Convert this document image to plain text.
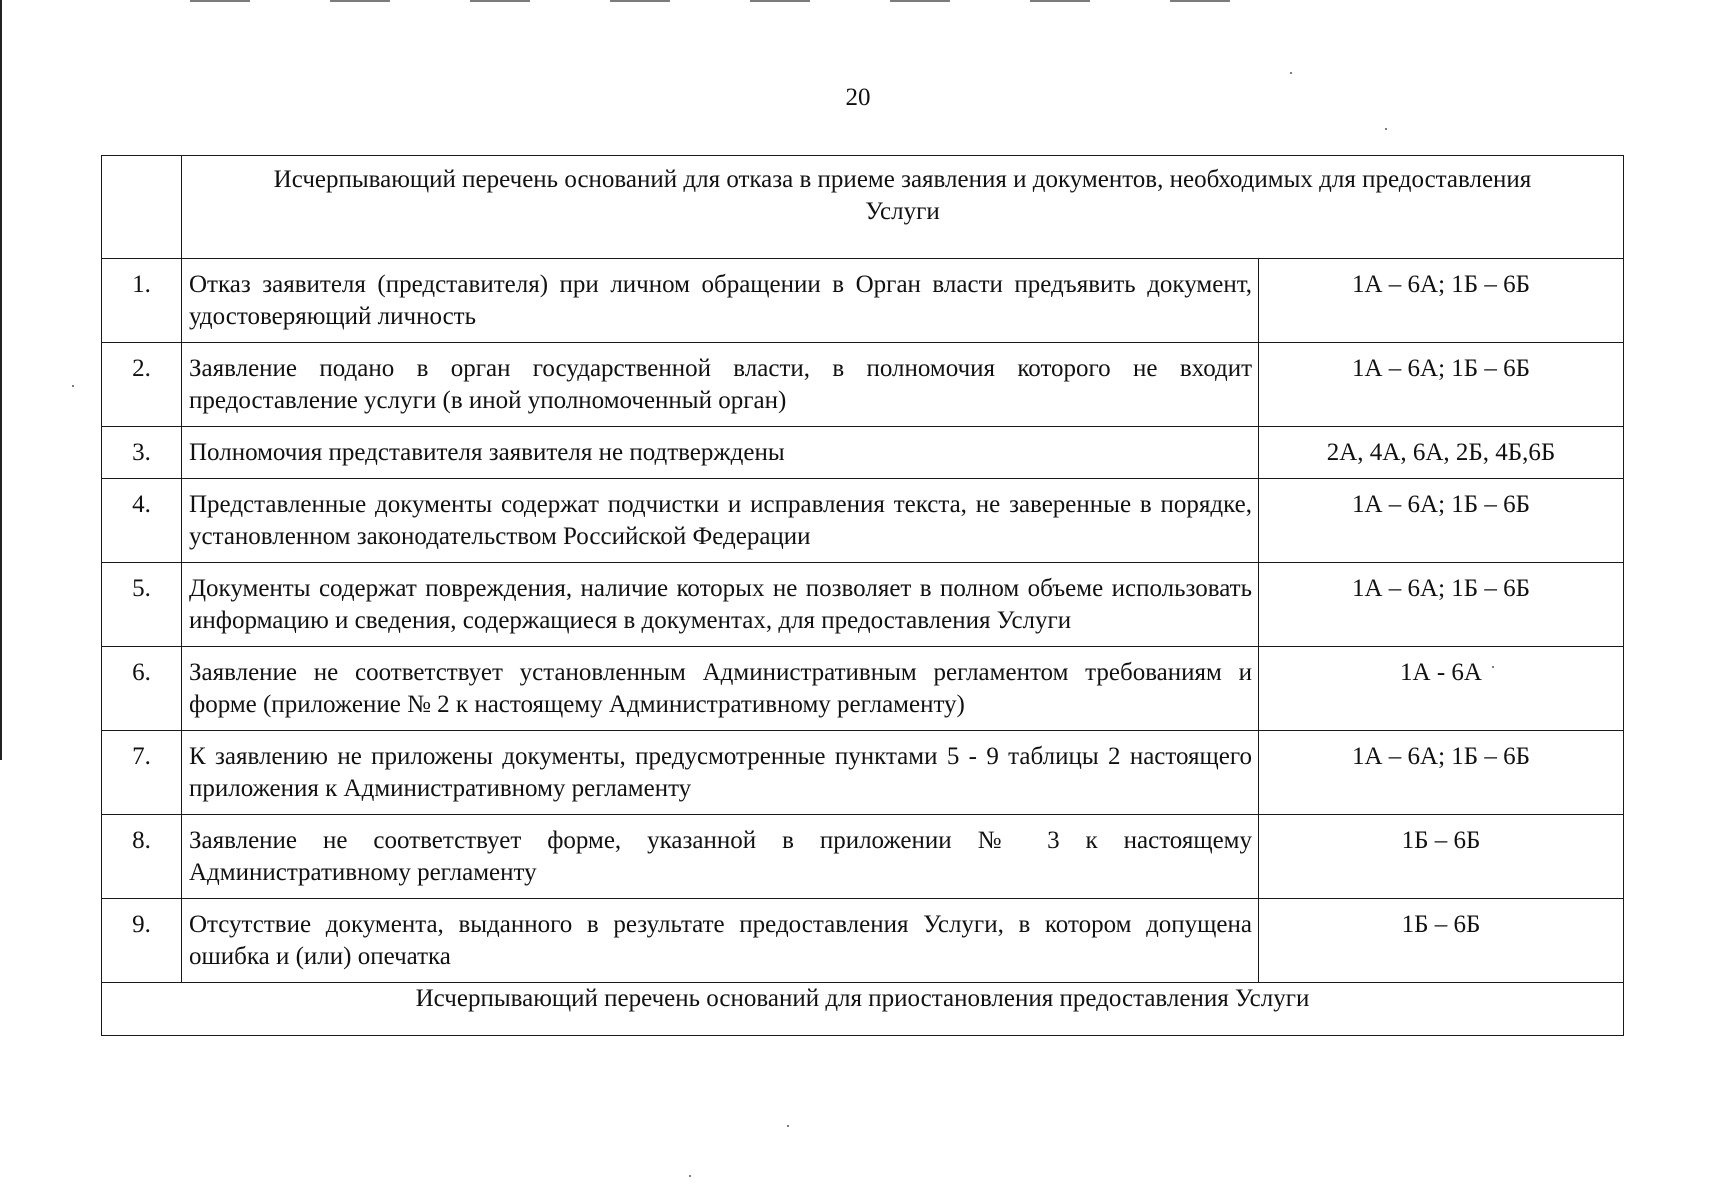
20
	Исчерпывающий перечень оснований для отказа в приеме заявления и документов, необходимых для предоставления Услуги	
1.	Отказ заявителя (представителя) при личном обращении в Орган власти предъявить документ, удостоверяющий личность	1А – 6А; 1Б – 6Б
2.	Заявление подано в орган государственной власти, в полномочия которого не входит предоставление услуги (в иной уполномоченный орган)	1А – 6А; 1Б – 6Б
3.	Полномочия представителя заявителя не подтверждены	2А, 4А, 6А, 2Б, 4Б,6Б
4.	Представленные документы содержат подчистки и исправления текста, не заверенные в порядке, установленном законодательством Российской Федерации	1А – 6А; 1Б – 6Б
5.	Документы содержат повреждения, наличие которых не позволяет в полном объеме использовать информацию и сведения, содержащиеся в документах, для предоставления Услуги	1А – 6А; 1Б – 6Б
6.	Заявление не соответствует установленным Административным регламентом требованиям и форме (приложение № 2 к настоящему Административному регламенту)	1А - 6А
7.	К заявлению не приложены документы, предусмотренные пунктами 5 - 9 таблицы 2 настоящего приложения к Административному регламенту	1А – 6А; 1Б – 6Б
8.	Заявление не соответствует форме, указанной в приложении № 3 к настоящему Административному регламенту	1Б – 6Б
9.	Отсутствие документа, выданного в результате предоставления Услуги, в котором допущена ошибка и (или) опечатка	1Б – 6Б
Исчерпывающий перечень оснований для приостановления предоставления Услуги		
